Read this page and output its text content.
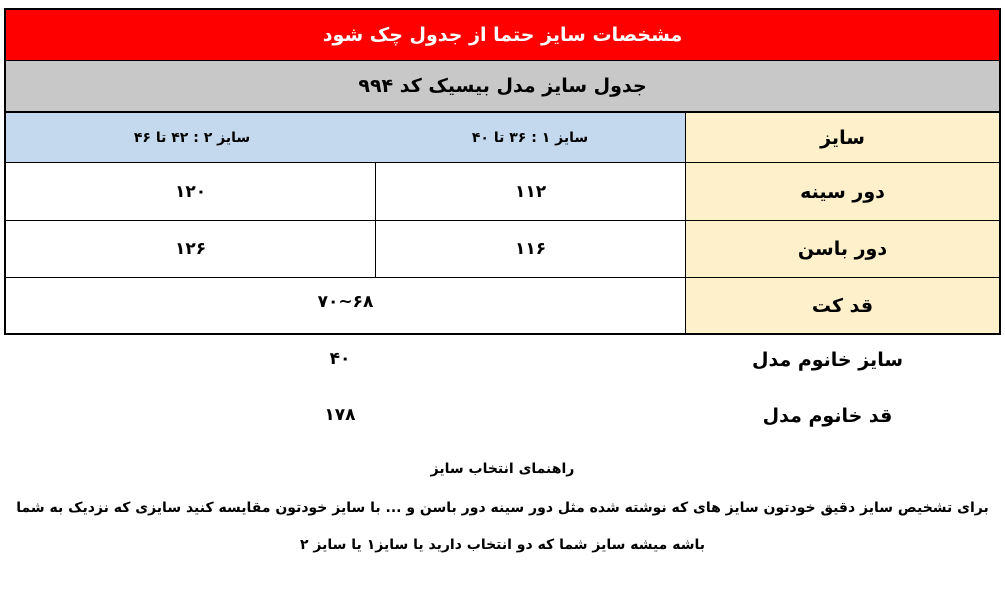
مشخصات سایز حتما از جدول چک شود
جدول سایز مدل بیسیک کد ۹۹۴
سایز
سایز ۱ : ۳۶ تا ۴۰
سایز ۲ : ۴۲ تا ۴۶
دور سینه
۱۱۲
۱۲۰
دور باسن
۱۱۶
۱۲۶
قد کت
۶۸~۷۰
سایز خانوم مدل
۴۰
قد خانوم مدل
۱۷۸
راهنمای انتخاب سایز
برای تشخیص سایز دقیق خودتون سایز های که نوشته شده مثل دور سینه دور باسن و ... با سایز خودتون مقایسه کنید سایزی که نزدیک به شما
باشه میشه سایز شما که دو انتخاب دارید یا سایز۱ یا سایز ۲
